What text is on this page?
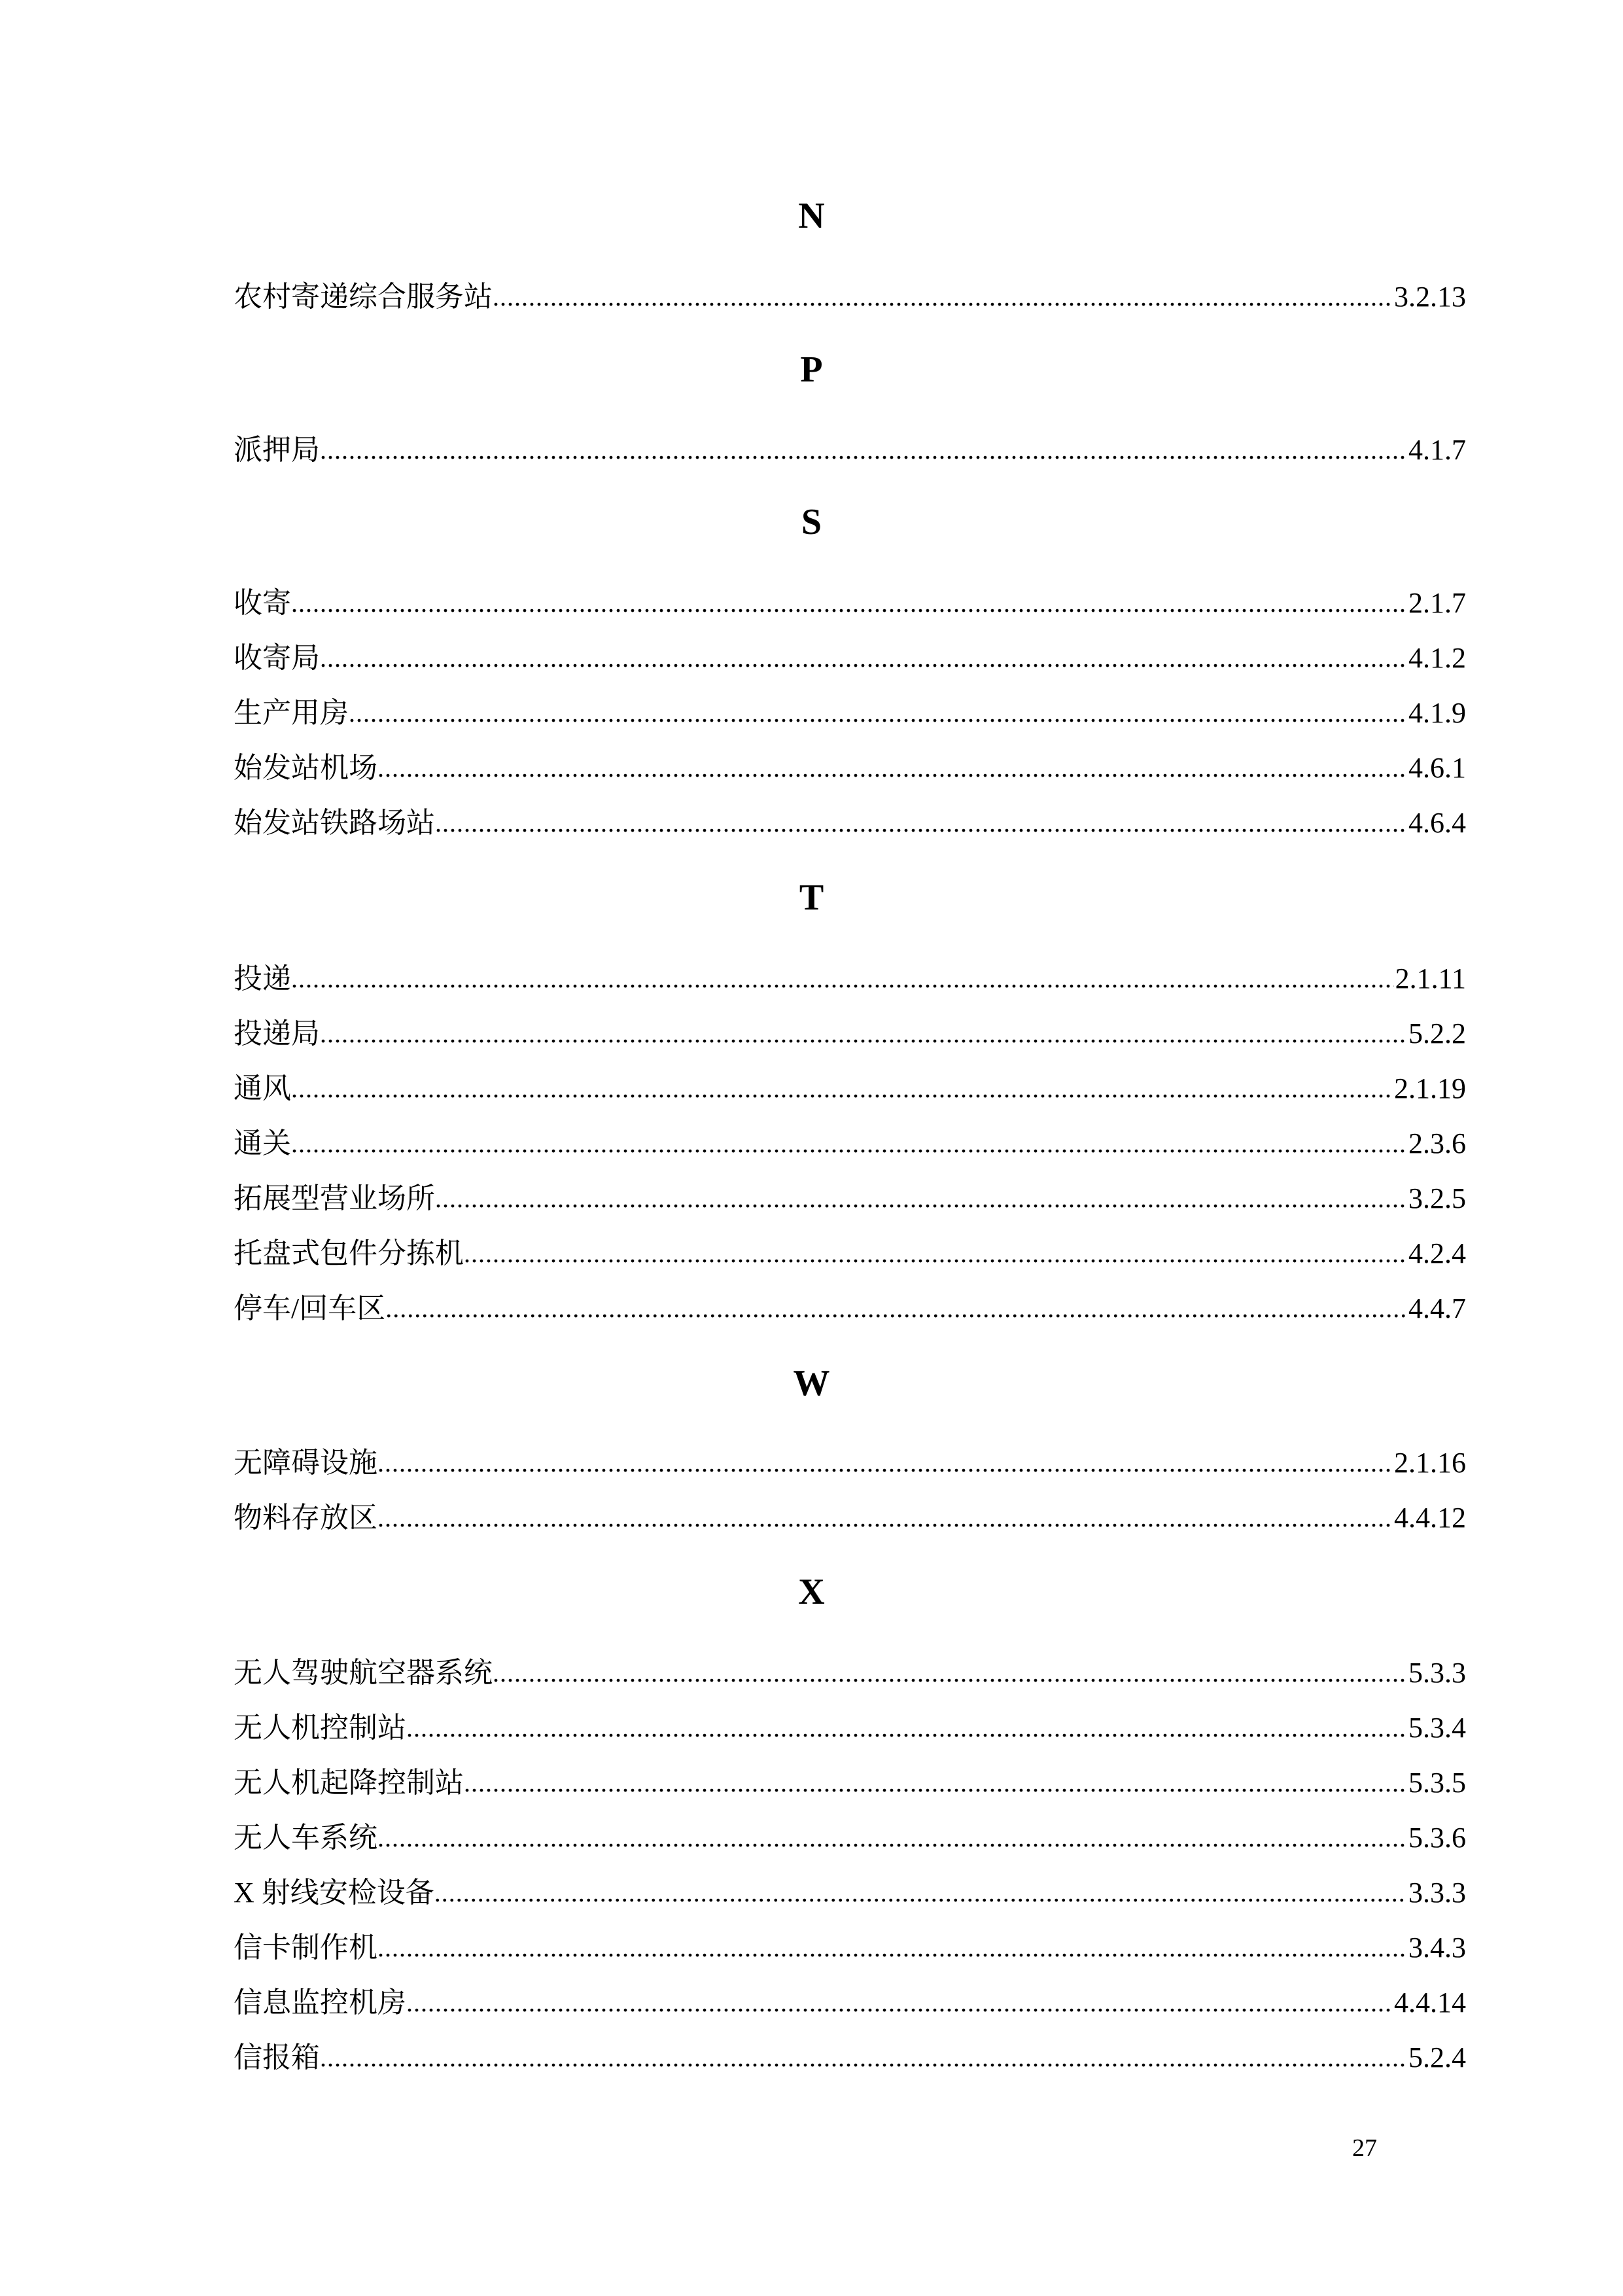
N
农村寄递综合服务站 .....	3.2.13
P
派押局 .....	4.1.7
S
收寄 .....	2.1.7
收寄局 .....	4.1.2
生产用房 .....	4.1.9
始发站机场 .....	4.6.1
始发站铁路场站 .....	4.6.4
T
投递 .....	2.1.11
投递局 .....	5.2.2
通风 .....	2.1.19
通关 .....	2.3.6
拓展型营业场所 .....	3.2.5
托盘式包件分拣机 .....	4.2.4
停车/回车区 .....	4.4.7
W
无障碍设施 .....	2.1.16
物料存放区 .....	4.4.12
X
无人驾驶航空器系统 .....	5.3.3
无人机控制站 .....	5.3.4
无人机起降控制站 .....	5.3.5
无人车系统 .....	5.3.6
X 射线安检设备 .....	3.3.3
信卡制作机 .....	3.4.3
信息监控机房 .....	4.4.14
信报箱 .....	5.2.4
27
